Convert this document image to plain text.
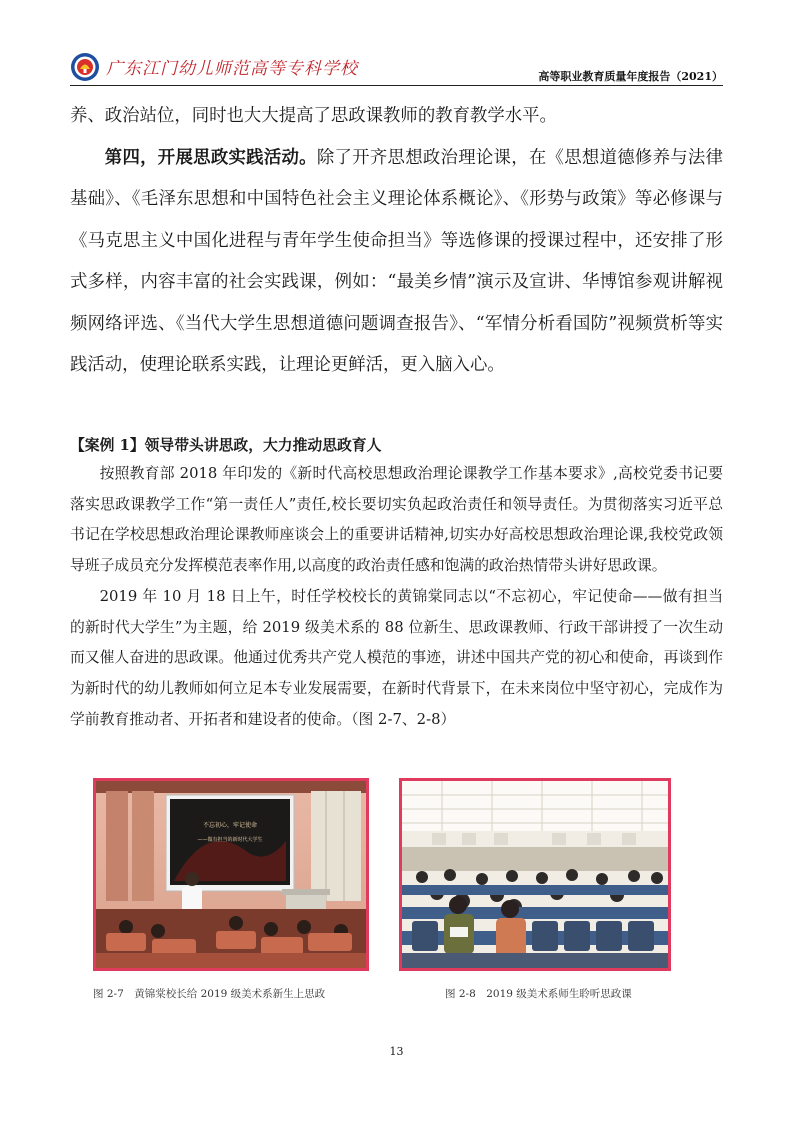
广东江门幼儿师范高等专科学校	高等职业教育质量年度报告（2021）

养、政治站位，同时也大大提高了思政课教师的教育教学水平。

第四，开展思政实践活动。除了开齐思想政治理论课，在《思想道德修养与法律基础》、《毛泽东思想和中国特色社会主义理论体系概论》、《形势与政策》等必修课与《马克思主义中国化进程与青年学生使命担当》等选修课的授课过程中，还安排了形式多样，内容丰富的社会实践课，例如：“最美乡情”演示及宣讲、华博馆参观讲解视频网络评选、《当代大学生思想道德问题调查报告》、“军情分析看国防”视频赏析等实践活动，使理论联系实践，让理论更鲜活，更入脑入心。

【案例 1】领导带头讲思政，大力推动思政育人

按照教育部 2018 年印发的《新时代高校思想政治理论课教学工作基本要求》,高校党委书记要落实思政课教学工作“第一责任人”责任,校长要切实负起政治责任和领导责任。为贯彻落实习近平总书记在学校思想政治理论课教师座谈会上的重要讲话精神,切实办好高校思想政治理论课,我校党政领导班子成员充分发挥模范表率作用,以高度的政治责任感和饱满的政治热情带头讲好思政课。

2019 年 10 月 18 日上午，时任学校校长的黄锦棠同志以“不忘初心，牢记使命——做有担当的新时代大学生”为主题，给 2019 级美术系的 88 位新生、思政课教师、行政干部讲授了一次生动而又催人奋进的思政课。他通过优秀共产党人模范的事迹，讲述中国共产党的初心和使命，再谈到作为新时代的幼儿教师如何立足本专业发展需要，在新时代背景下，在未来岗位中坚守初心，完成作为学前教育推动者、开拓者和建设者的使命。（图 2-7、2-8）

不忘初心，牢记使命
——做有担当的新时代大学生
图 2-7　黄锦棠校长给 2019 级美术系新生上思政	图 2-8　2019 级美术系师生聆听思政课
13
